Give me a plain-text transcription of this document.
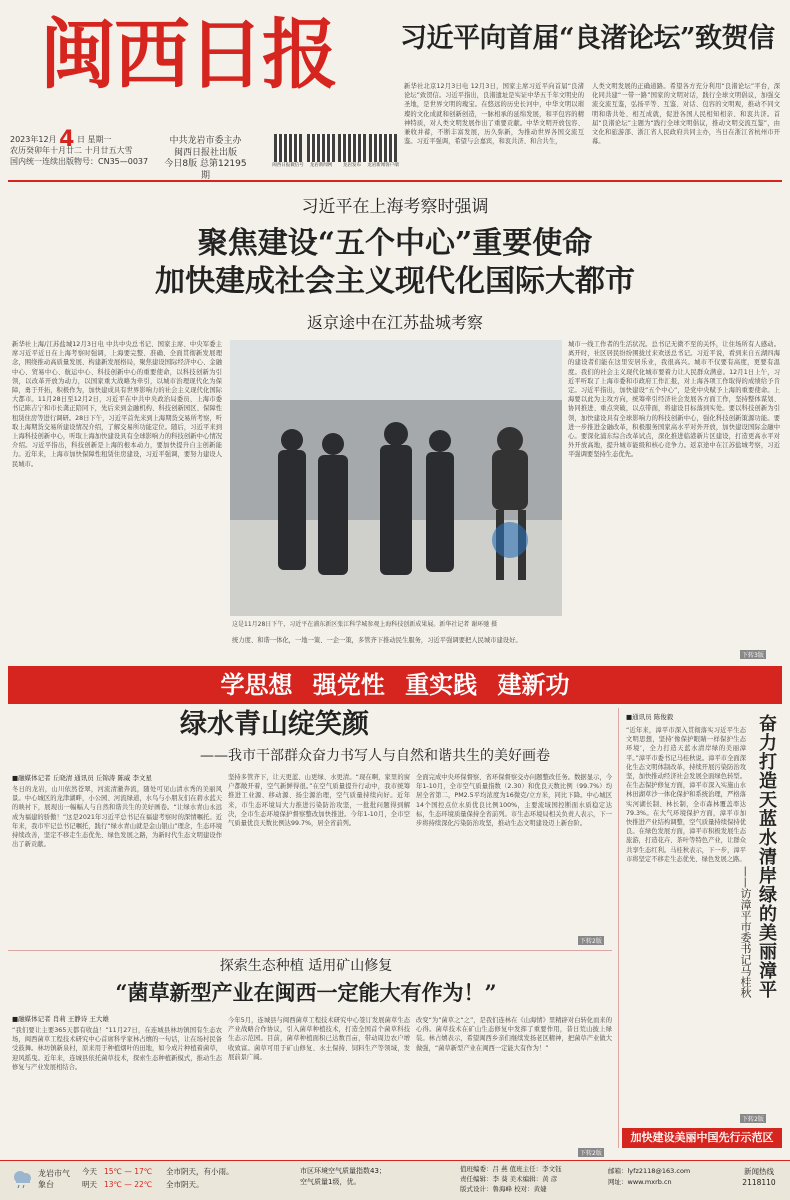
闽西日报
2023年12月 4 日 星期一
农历癸卯年十月廿二 十月廿五大雪
国内统一连续出版物号：CN35—0037
中共龙岩市委主办
闽西日报社出版
今日8版 总第12195期
闽西日报微信号	龙岩新闻网	龙岩发布	龙岩新闻客户端
习近平向首届“良渚论坛”致贺信
新华社北京12月3日电 12月3日，国家主席习近平向首届“良渚论坛”致贺信。习近平指出，良渚遗址是实证中华五千年文明史的圣地，是世界文明的瑰宝。在悠远的历史长河中，中华文明以璀璨的文化成就和创新创造，一脉相承的延绵发展，和平包容的精神特质，对人类文明发展作出了重要贡献。中华文明开放包容、兼收并蓄，不断丰富发展，历久弥新，为推动世界各国交流互鉴。习近平强调，希望与会嘉宾，和衷共济、和合共生，
人类文明发展的正确道路。希望各方充分利用“良渚论坛”平台，深化同共建“一带一路”国家的文明对话，践行全球文明倡议，加强交流交流互鉴，弘扬平等、互鉴、对话、包容的文明观，推动不同文明和谐共处、相互成就，促进各国人民相知相亲、和衷共济。首届“良渚论坛”主题为“践行全球文明倡议，推动文明交流互鉴”，由文化和旅游部、浙江省人民政府共同主办，当日在浙江省杭州市开幕。
习近平在上海考察时强调
聚焦建设“五个中心”重要使命
加快建成社会主义现代化国际大都市
返京途中在江苏盐城考察
新华社上海/江苏盐城12月3日电 中共中央总书记、国家主席、中央军委主席习近平近日在上海考察时强调，上海要完整、准确、全面贯彻新发展理念，围绕推动高质量发展、构建新发展格局，聚焦建设国际经济中心、金融中心、贸易中心、航运中心、科技创新中心的重要使命，以科技创新为引领，以改革开放为动力，以国家重大战略为牵引，以城市治理现代化为保障，勇于开拓，积极作为，加快建成具有世界影响力的社会主义现代化国际大都市。11月28日至12月2日，习近平在中共中央政治局委员、上海市委书记陈吉宁和市长龚正陪同下，先后来到金融机构、科技创新园区、保障性租赁住房等进行调研。28日下午，习近平首先来到上海期货交易所考察，听取上海期货交易所建设情况介绍，了解交易所功能定位。随后，习近平来到上海科技创新中心，听取上海加快建设具有全球影响力的科技创新中心情况介绍。习近平指出，科技创新是上海的根本动力，要加快提升自主创新能力。近年来，上海市加快保障性租赁住房建设，习近平强调，要努力建设人民城市。
这是11月28日下午，习近平在浦东新区张江科学城参观上海科技创新成果展。新华社记者 谢环驰 摄
统力度、和谐一体化，一地一策、一企一策，多管齐下推动民生服务，习近平强调要把人民城市建设好。
城市一线工作者的生活状况。总书记无微不至的关怀，让住场所有人感动。离开时，社区居民纷纷围拢过来欢送总书记。习近平说，看到来自五湖四海的建设者们能在这里安居乐业，我很高兴。城市不仅要有高度，更要有温度。我们的社会主义现代化城市要着力让人民群众满意。12月1日上午，习近平听取了上海市委和市政府工作汇报，对上海各项工作取得的成绩给予肯定。习近平指出，加快建设“五个中心”，是党中央赋予上海的重要使命。上海要以此为主攻方向，统筹牵引经济社会发展各方面工作，坚持整体谋划、协同推进、重点突破，以点带面，将建设目标落到实处。要以科技创新为引领，加快建设具有全球影响力的科技创新中心，强化科技创新策源功能。要进一步推进金融改革，积极服务国家高水平对外开放，加快建设国际金融中心。要深化浦东综合改革试点，深化推进临港新片区建设，打造更高水平对外开放高地，提升城市能级和核心竞争力。返京途中在江苏盐城考察，习近平强调要坚持生态优先。
下转3版
学思想 强党性 重实践 建新功
绿水青山绽笑颜
——我市干部群众奋力书写人与自然和谐共生的美好画卷
■融媒体记者 丘晓清 通讯员 丘锦涛 陈威 李文星
冬日的龙岩，山川依然苍翠，河流清澈奔流，随处可见山清水秀的美丽风景。中心城区的龙津湖畔，小公园、河流绿道，水鸟与小朋友们在碧水蓝天的映衬下，展现出一幅幅人与自然和谐共生的美好画卷。“让绿水青山永远成为福建的骄傲！”这是2021年习近平总书记在福建考察时的深情嘱托。近年来，我市牢记总书记嘱托，践行“绿水青山就是金山银山”理念，生态环境持续改善，坚定不移走生态优先、绿色发展之路，为新时代生态文明建设作出了新贡献。
坚持多管齐下，让天更蓝、山更绿、水更清。“现在啊，家里的窗户都敞开着，空气新鲜得很。”在空气质量提升行动中，我市统筹推进工业源、移动源、扬尘源治理，空气质量持续向好。近年来，市生态环境局大力推进污染防治攻坚，一批批问题得到解决，全市生态环境保护督察整改加快推进。今年1-10月，全市空气质量优良天数比例达99.7%，居全省前列。
全面完成中央环保督察、省环保督察交办问题整改任务。数据显示，今年1-10月，全市空气质量指数（2.30）和优良天数比例（99.7%）均居全省第二，PM2.5平均浓度为16微克/立方米，同比下降。中心城区14个国控点位水质优良比例100%，主要流域国控断面水质稳定达标，生态环境质量保持全省前列。市生态环境局相关负责人表示，下一步将持续深化污染防治攻坚，推动生态文明建设迈上新台阶。
下转2版
探索生态种植 适用矿山修复
“菌草新型产业在闽西一定能大有作为！”
■融媒体记者 肖莉 王静诗 王大雄
“我们要让主要365天都有收益！”11月27日，在连城县林坊镇国有生态农场，闽西菌草工程技术研究中心首席科学家林占熺的一句话，让在场村民备受鼓舞。林坊镇新泉村，原来用于种植烟叶的田地，如今成片种植着菌草，迎风摇曳。近年来，连城县依托菌草技术，探索生态种植新模式，推动生态修复与产业发展相结合。
今年5月，连城县与闽西菌草工程技术研究中心签订发展菌草生态产业战略合作协议，引入菌草种植技术，打造全国首个菌草科技生态示范园。目前，菌草种植面积已达数百亩，带动周边农户增收致富。菌草可用于矿山修复、水土保持、饲料生产等领域，发展前景广阔。
改变“为”菌草之“之”，是我们连林在《山海情》里精辟对白转化而来的心得。菌草技术在矿山生态修复中发挥了重要作用，昔日荒山披上绿装。林占熺表示，希望闽西乡亲们继续发扬老区精神，把菌草产业做大做强，“菌草新型产业在闽西一定能大有作为！”
下转2版
■通讯员 陈俊毅
“近年来，漳平市深入贯彻落实习近平生态文明思想，坚持‘像保护眼睛一样保护生态环境’，全力打造天蓝水清岸绿的美丽漳平。”漳平市委书记马桂秋说。漳平市全面深化生态文明体制改革，持续开展污染防治攻坚，加快推动经济社会发展全面绿色转型。在生态保护修复方面，漳平市深入实施山水林田湖草沙一体化保护和系统治理，严格落实河湖长制、林长制，全市森林覆盖率达79.3%。在大气环境保护方面，漳平市加快推进产业结构调整，空气质量持续保持优良。在绿色发展方面，漳平市积极发展生态旅游，打造花卉、茶叶等特色产业，让群众共享生态红利。马桂秋表示，下一步，漳平市将坚定不移走生态优先、绿色发展之路。 奋力打造天蓝水清岸绿的美丽漳平
——访漳平市委书记马桂秋
下转2版
加快建设美丽中国先行示范区
龙岩市气象台
今天 15℃ — 17℃ 全市阴天，有小雨。
明天 13℃ — 22℃ 全市阴天。
市区环境空气质量指数43；
空气质量1级，优。
值班编委：吕 燕 值班主任：李文钰
责任编辑：李 葵 美术编辑：黄 彦
版式设计：鲁海峰 校对：黄婕
邮箱：lyfz2118@163.com
网址：www.mxrb.cn
新闻热线
2118110
